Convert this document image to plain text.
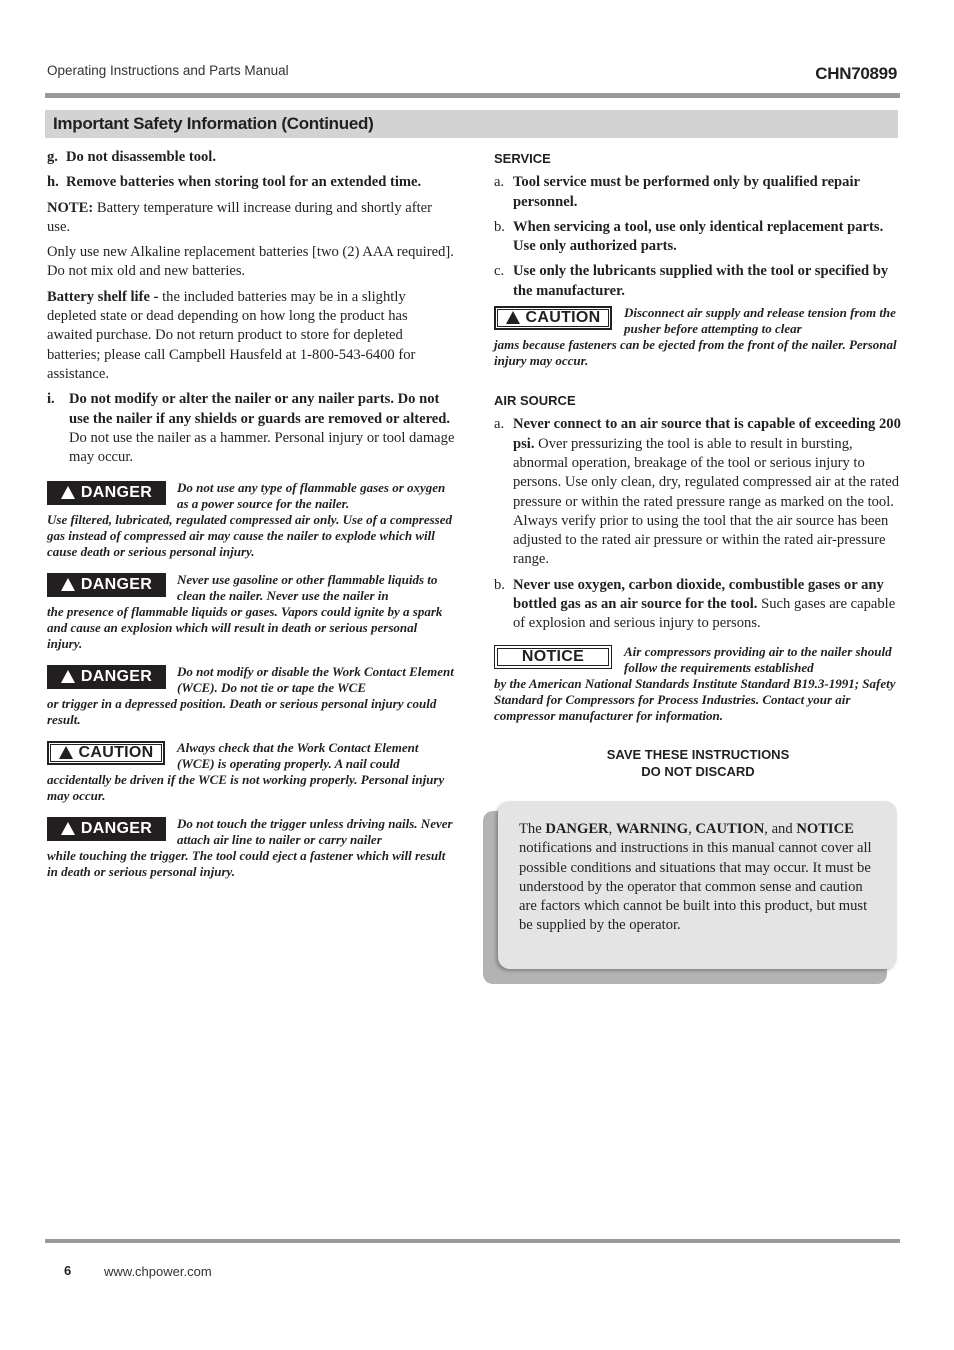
Operating Instructions and Parts Manual	CHN70899
Important Safety Information (Continued)
g. Do not disassemble tool.
h. Remove batteries when storing tool for an extended time.
NOTE: Battery temperature will increase during and shortly after use.
Only use new Alkaline replacement batteries [two (2) AAA required]. Do not mix old and new batteries.
Battery shelf life - the included batteries may be in a slightly depleted state or dead depending on how long the product has awaited purchase. Do not return product to store for depleted batteries; please call Campbell Hausfeld at 1-800-543-6400 for assistance.
i. Do not modify or alter the nailer or any nailer parts. Do not use the nailer if any shields or guards are removed or altered. Do not use the nailer as a hammer. Personal injury or tool damage may occur.
DANGER Do not use any type of flammable gases or oxygen as a power source for the nailer.
Use filtered, lubricated, regulated compressed air only. Use of a compressed gas instead of compressed air may cause the nailer to explode which will cause death or serious personal injury.
DANGER Never use gasoline or other flammable liquids to clean the nailer. Never use the nailer in
the presence of flammable liquids or gases. Vapors could ignite by a spark and cause an explosion which will result in death or serious personal injury.
DANGER Do not modify or disable the Work Contact Element (WCE). Do not tie or tape the WCE
or trigger in a depressed position. Death or serious personal injury could result.
CAUTION Always check that the Work Contact Element (WCE) is operating properly. A nail could
accidentally be driven if the WCE is not working properly. Personal injury may occur.
DANGER Do not touch the trigger unless driving nails. Never attach air line to nailer or carry nailer
while touching the trigger. The tool could eject a fastener which will result in death or serious personal injury.
SERVICE
a. Tool service must be performed only by qualified repair personnel.
b. When servicing a tool, use only identical replacement parts. Use only authorized parts.
c. Use only the lubricants supplied with the tool or specified by the manufacturer.
CAUTION Disconnect air supply and release tension from the pusher before attempting to clear
jams because fasteners can be ejected from the front of the nailer. Personal injury may occur.
AIR SOURCE
a. Never connect to an air source that is capable of exceeding 200 psi. Over pressurizing the tool is able to result in bursting, abnormal operation, breakage of the tool or serious injury to persons. Use only clean, dry, regulated compressed air at the rated pressure or within the rated pressure range as marked on the tool. Always verify prior to using the tool that the air source has been adjusted to the rated air pressure or within the rated air-pressure range.
b. Never use oxygen, carbon dioxide, combustible gases or any bottled gas as an air source for the tool. Such gases are capable of explosion and serious injury to persons.
NOTICE	Air compressors providing air to the nailer should follow the requirements established
by the American National Standards Institute Standard B19.3-1991; Safety Standard for Compressors for Process Industries. Contact your air compressor manufacturer for information.
SAVE THESE INSTRUCTIONS
DO NOT DISCARD
The DANGER, WARNING, CAUTION, and NOTICE notifications and instructions in this manual cannot cover all possible conditions and situations that may occur. It must be understood by the operator that common sense and caution are factors which cannot be built into this product, but must be supplied by the operator.
6	www.chpower.com
